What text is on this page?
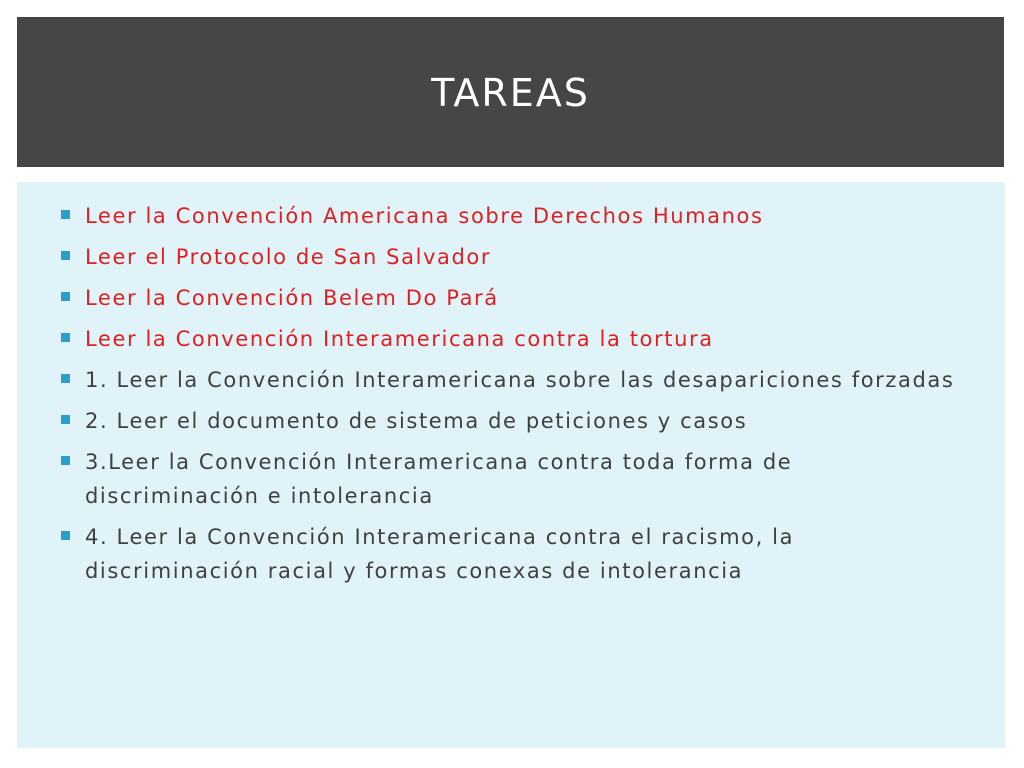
TAREAS
Leer la Convención Americana sobre Derechos Humanos
Leer el Protocolo de San Salvador
Leer la Convención Belem Do Pará
Leer la Convención Interamericana contra la tortura
1. Leer la Convención Interamericana sobre las desapariciones forzadas
2. Leer el documento de sistema de peticiones y casos
3.Leer la Convención Interamericana contra toda forma de discriminación e intolerancia
4. Leer la Convención Interamericana contra el racismo, la discriminación racial y formas conexas de intolerancia
